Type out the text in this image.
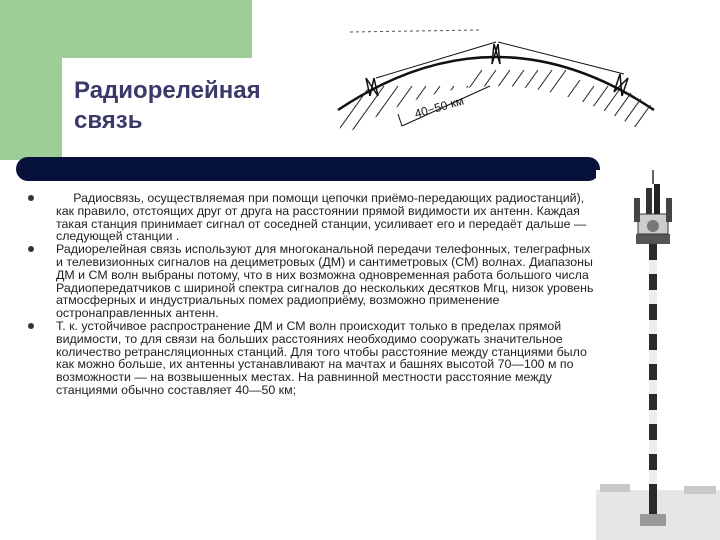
Радиорелейная
связь	40−50 км
Радиосвязь, осуществляемая при помощи цепочки приёмо-передающих радиостанций), как правило, отстоящих друг от друга на расстоянии прямой видимости их антенн. Каждая такая станция принимает сигнал от соседней станции, усиливает его и передаёт дальше — следующей станции .
Радиорелейная связь используют для многоканальной передачи телефонных, телеграфных и телевизионных сигналов на дециметровых (ДМ) и сантиметровых (СМ) волнах. Диапазоны ДМ и СМ волн выбраны потому, что в них возможна одновременная работа большого числа Радиопередатчиков с шириной спектра сигналов до нескольких десятков Мгц, низок уровень атмосферных и индустриальных помех радиоприёму, возможно применение остронаправленных антенн.
Т. к. устойчивое распространение ДМ и СМ волн происходит только в пределах прямой видимости, то для связи на больших расстояниях необходимо сооружать значительное количество ретрансляционных станций. Для того чтобы расстояние между станциями было как можно больше, их антенны устанавливают на мачтах и башнях высотой 70—100 м по возможности — на возвышенных местах. На равнинной местности расстояние между станциями обычно составляет 40—50 км;
